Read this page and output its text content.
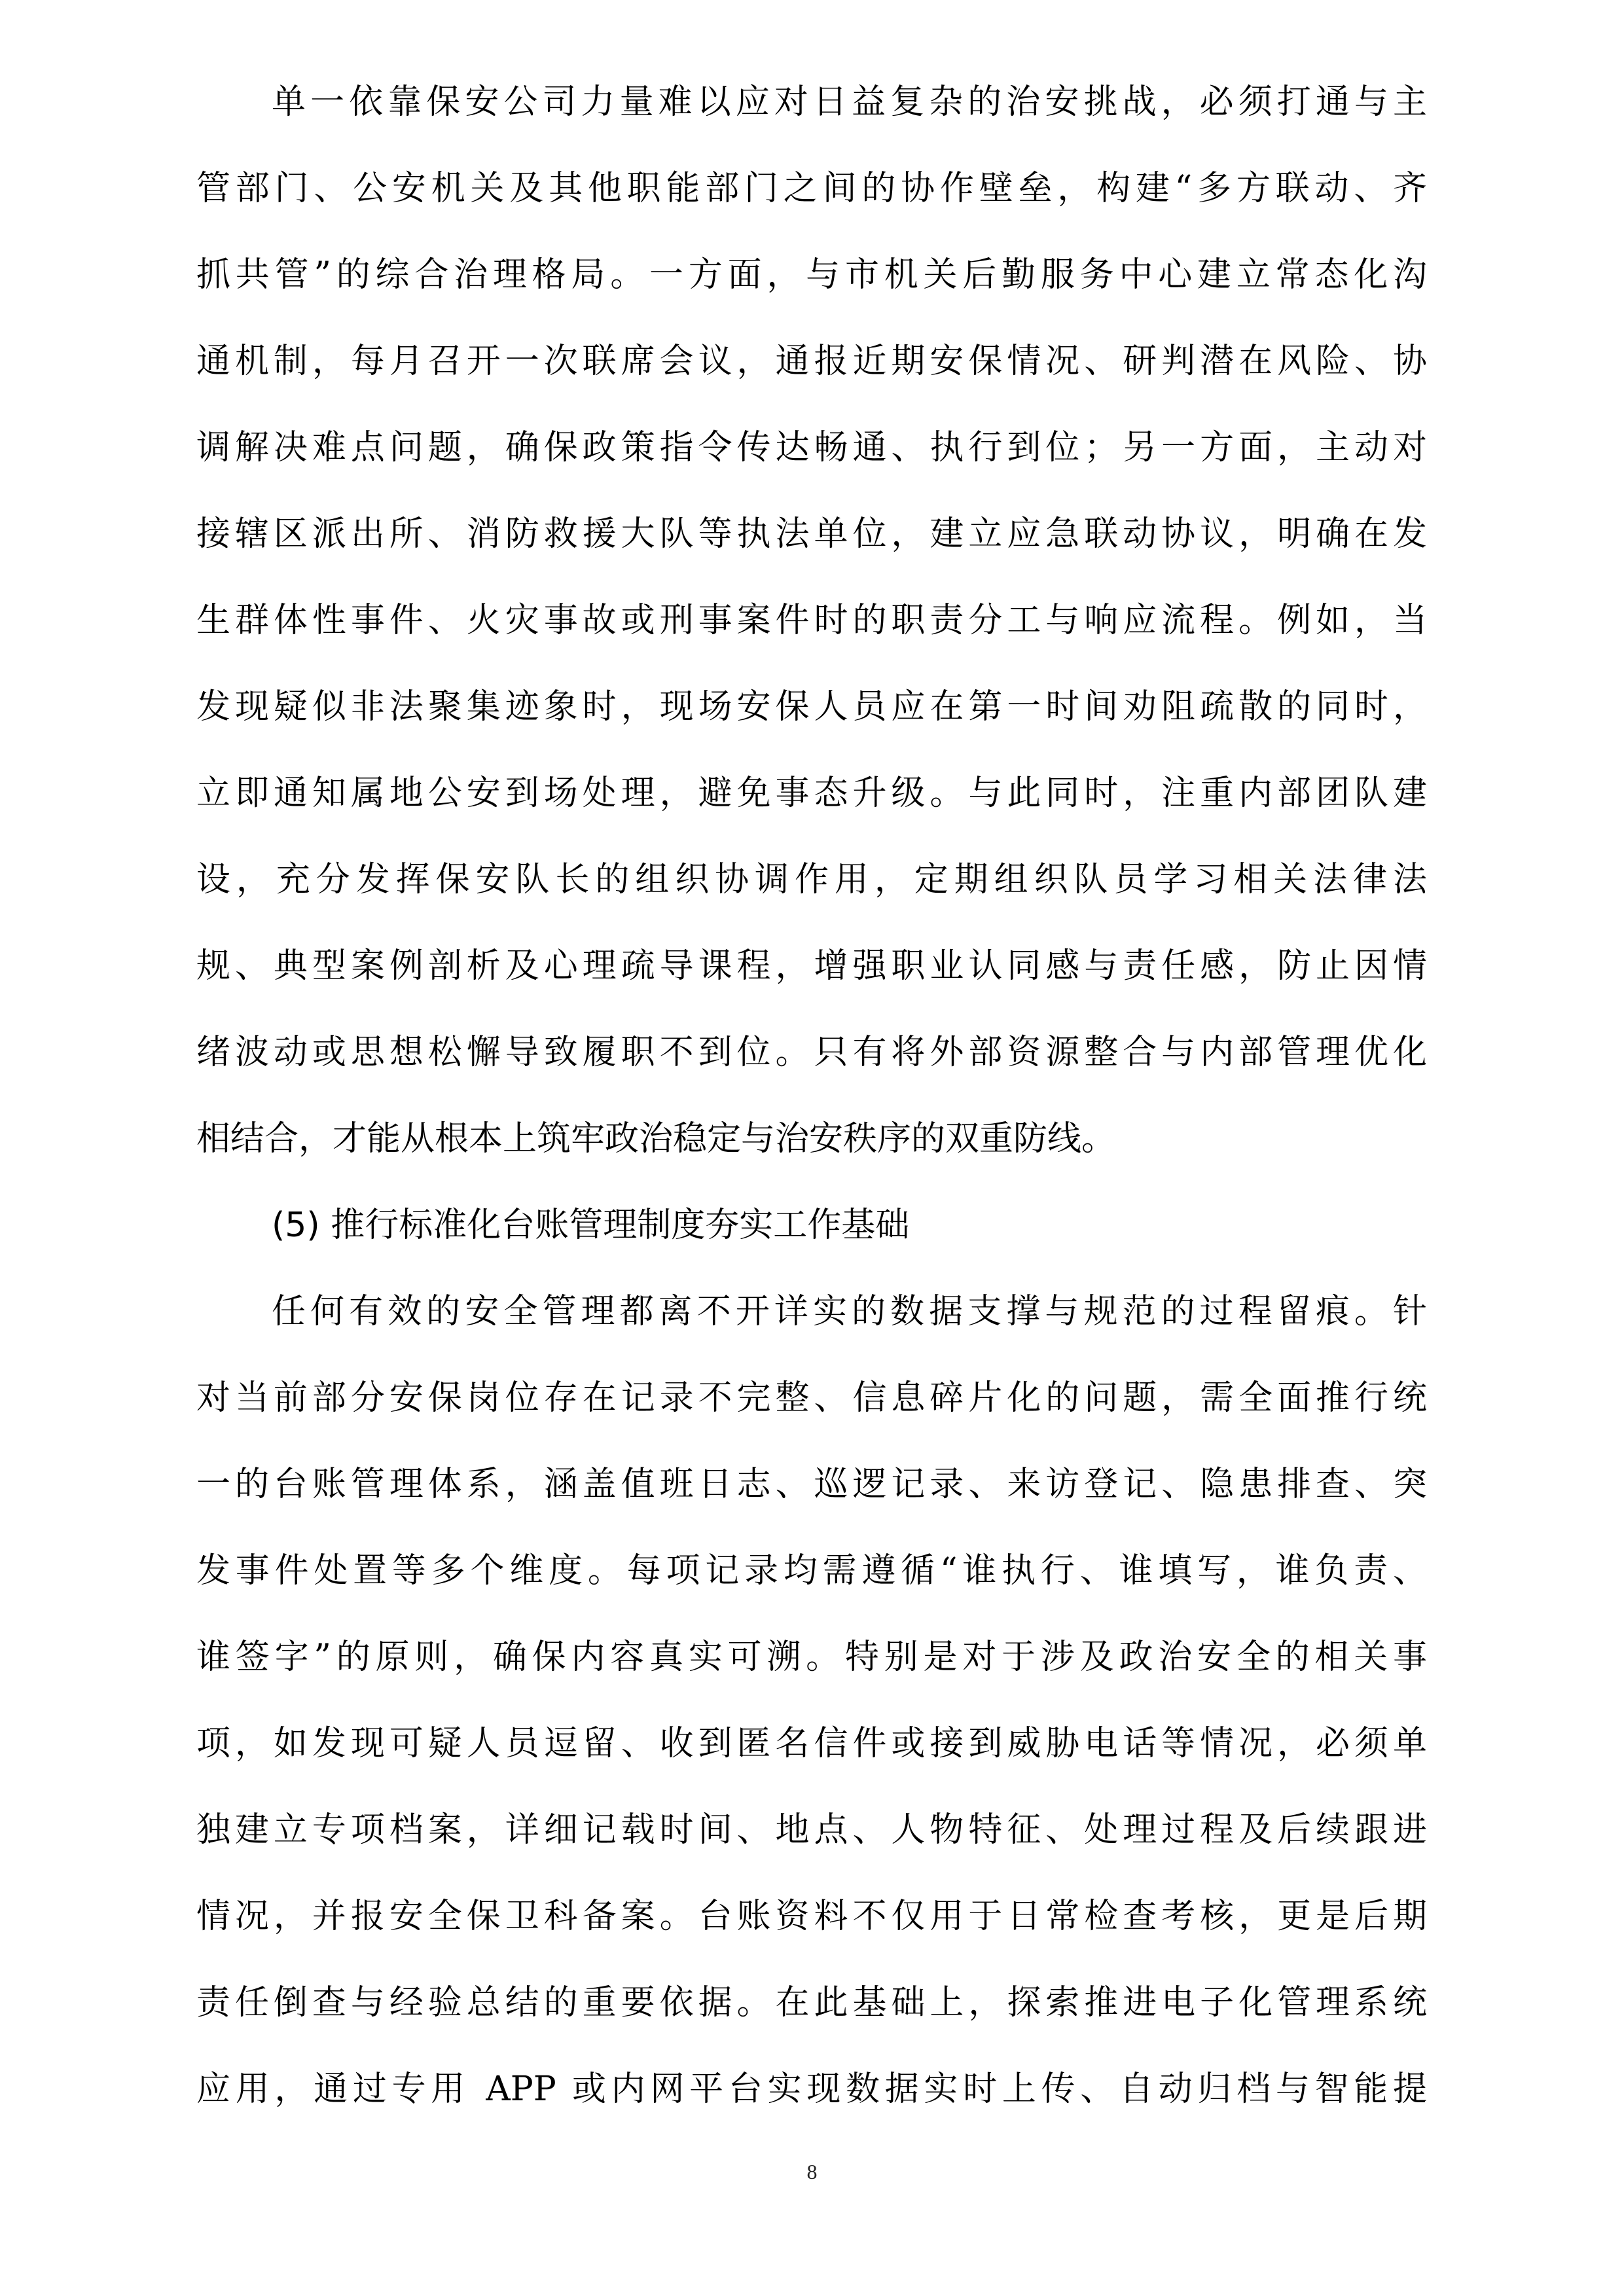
单一依靠保安公司力量难以应对日益复杂的治安挑战，必须打通与主
管部门、公安机关及其他职能部门之间的协作壁垒，构建“多方联动、齐
抓共管”的综合治理格局。一方面，与市机关后勤服务中心建立常态化沟
通机制，每月召开一次联席会议，通报近期安保情况、研判潜在风险、协
调解决难点问题，确保政策指令传达畅通、执行到位；另一方面，主动对
接辖区派出所、消防救援大队等执法单位，建立应急联动协议，明确在发
生群体性事件、火灾事故或刑事案件时的职责分工与响应流程。例如，当
发现疑似非法聚集迹象时，现场安保人员应在第一时间劝阻疏散的同时，
立即通知属地公安到场处理，避免事态升级。与此同时，注重内部团队建
设，充分发挥保安队长的组织协调作用，定期组织队员学习相关法律法
规、典型案例剖析及心理疏导课程，增强职业认同感与责任感，防止因情
绪波动或思想松懈导致履职不到位。只有将外部资源整合与内部管理优化
相结合，才能从根本上筑牢政治稳定与治安秩序的双重防线。
(5) 推行标准化台账管理制度夯实工作基础
任何有效的安全管理都离不开详实的数据支撑与规范的过程留痕。针
对当前部分安保岗位存在记录不完整、信息碎片化的问题，需全面推行统
一的台账管理体系，涵盖值班日志、巡逻记录、来访登记、隐患排查、突
发事件处置等多个维度。每项记录均需遵循“谁执行、谁填写，谁负责、
谁签字”的原则，确保内容真实可溯。特别是对于涉及政治安全的相关事
项，如发现可疑人员逗留、收到匿名信件或接到威胁电话等情况，必须单
独建立专项档案，详细记载时间、地点、人物特征、处理过程及后续跟进
情况，并报安全保卫科备案。台账资料不仅用于日常检查考核，更是后期
责任倒查与经验总结的重要依据。在此基础上，探索推进电子化管理系统
应用，通过专用 APP 或内网平台实现数据实时上传、自动归档与智能提
8
